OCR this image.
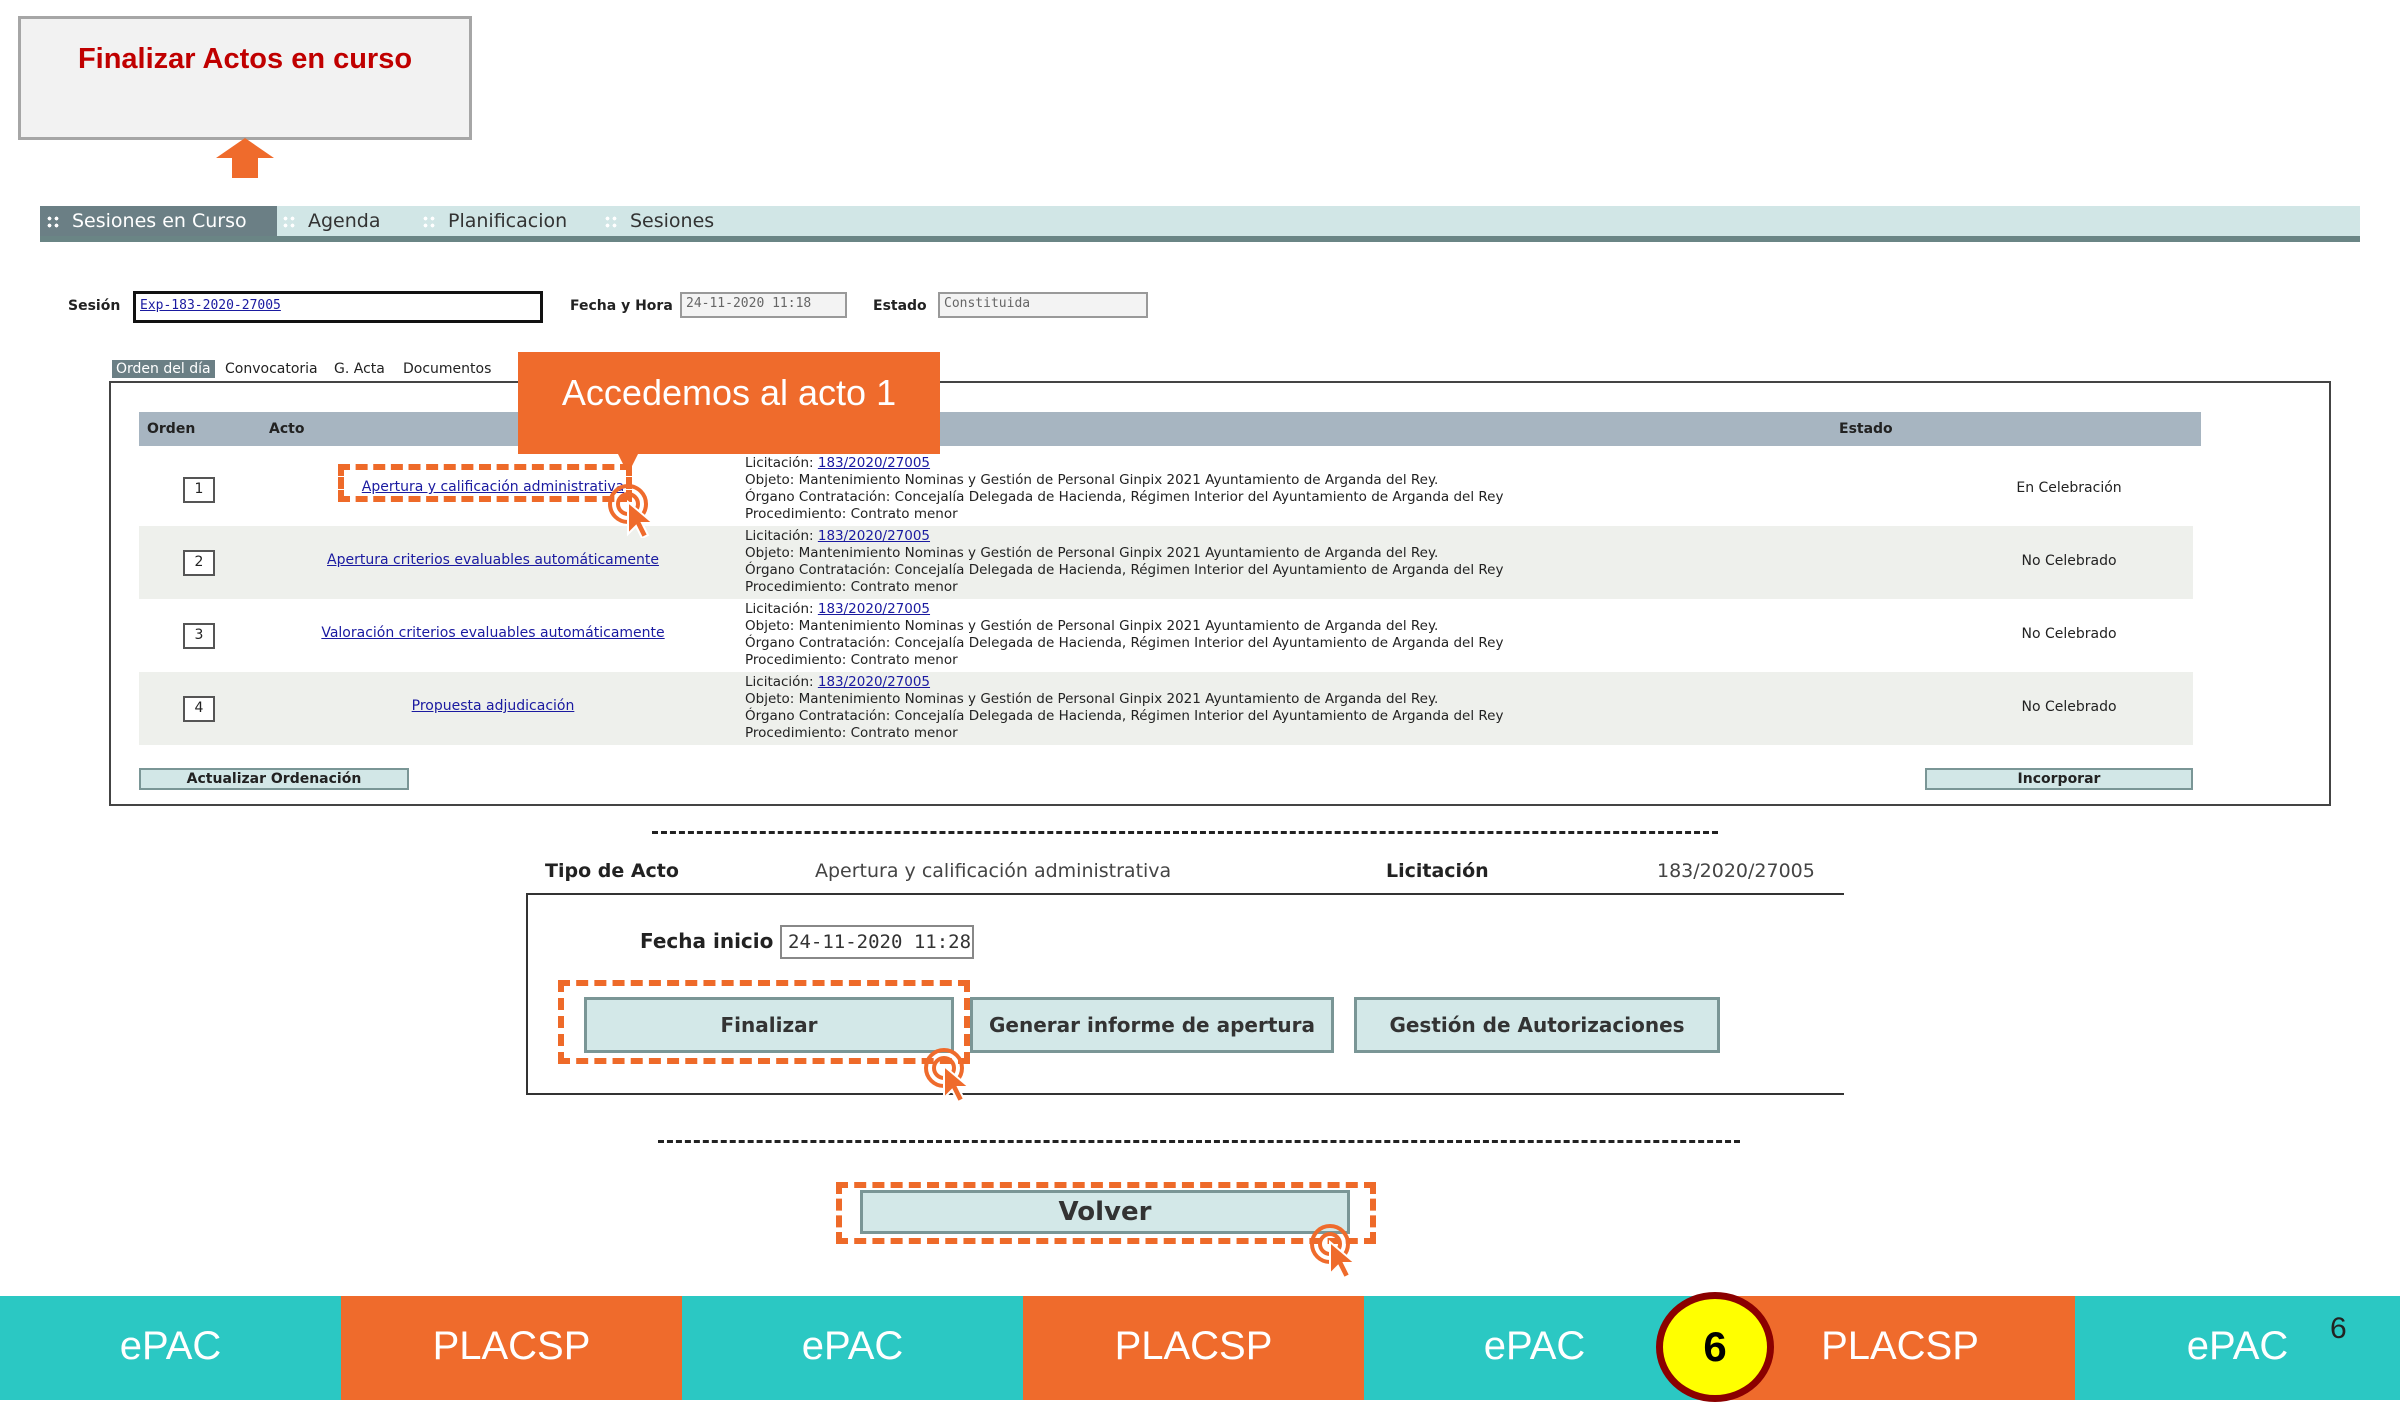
Finalizar Actos en curso
Sesiones en Curso	Agenda	Planificacion	Sesiones
Sesión	Exp-183-2020-27005	Fecha y Hora	24-11-2020 11:18	Estado	Constituida
Orden del día Convocatoria G. Acta Documentos
Orden	Acto	Estado
1	Apertura y calificación administrativa
Licitación: 183/2020/27005
Objeto: Mantenimiento Nominas y Gestión de Personal Ginpix 2021 Ayuntamiento de Arganda del Rey.
Órgano Contratación: Concejalía Delegada de Hacienda, Régimen Interior del Ayuntamiento de Arganda del Rey
Procedimiento: Contrato menor
En Celebración
2	Apertura criterios evaluables automáticamente
Licitación: 183/2020/27005
Objeto: Mantenimiento Nominas y Gestión de Personal Ginpix 2021 Ayuntamiento de Arganda del Rey.
Órgano Contratación: Concejalía Delegada de Hacienda, Régimen Interior del Ayuntamiento de Arganda del Rey
Procedimiento: Contrato menor
No Celebrado
3	Valoración criterios evaluables automáticamente
Licitación: 183/2020/27005
Objeto: Mantenimiento Nominas y Gestión de Personal Ginpix 2021 Ayuntamiento de Arganda del Rey.
Órgano Contratación: Concejalía Delegada de Hacienda, Régimen Interior del Ayuntamiento de Arganda del Rey
Procedimiento: Contrato menor
No Celebrado
4	Propuesta adjudicación
Licitación: 183/2020/27005
Objeto: Mantenimiento Nominas y Gestión de Personal Ginpix 2021 Ayuntamiento de Arganda del Rey.
Órgano Contratación: Concejalía Delegada de Hacienda, Régimen Interior del Ayuntamiento de Arganda del Rey
Procedimiento: Contrato menor
No Celebrado
Actualizar Ordenación	Incorporar
Accedemos al acto 1
Tipo de Acto	Apertura y calificación administrativa	Licitación	183/2020/27005
Fecha inicio 24-11-2020 11:28
Finalizar	Generar informe de apertura	Gestión de Autorizaciones
Volver
ePAC	PLACSP	ePAC	PLACSP	ePAC	PLACSP	ePAC
6	6
